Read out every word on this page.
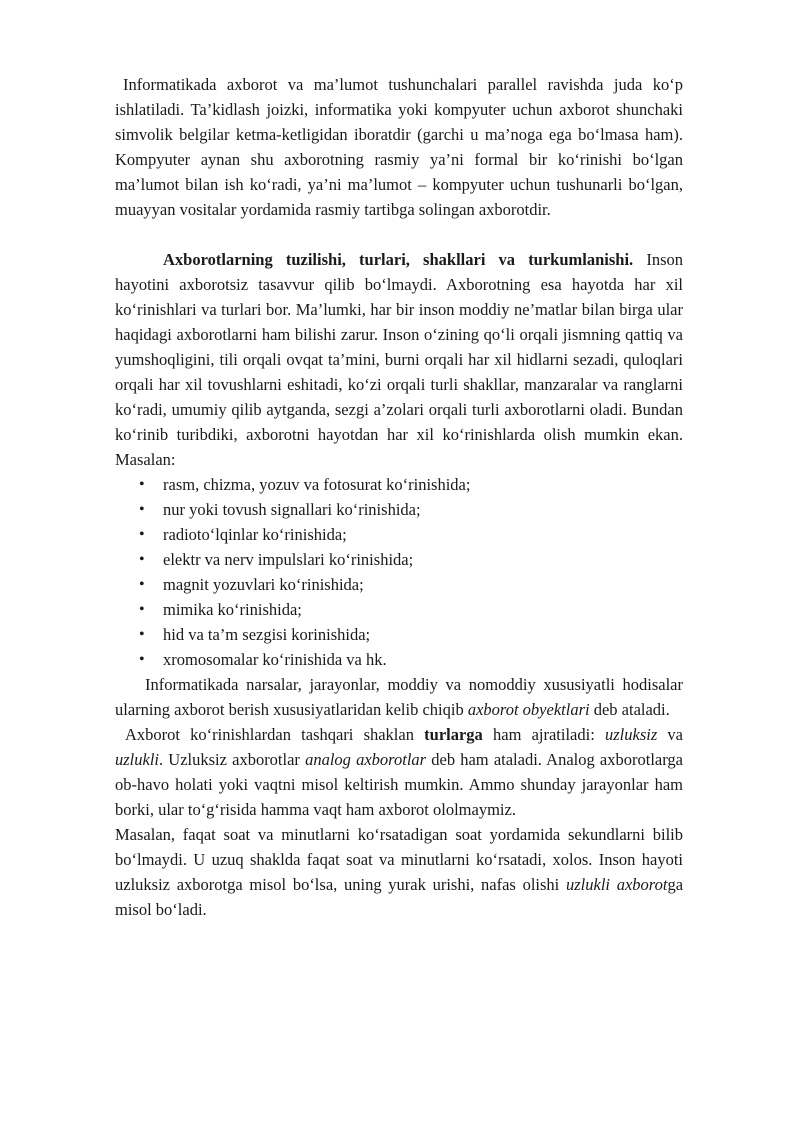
Informatikada axborot va ma’lumot tushunchalari parallel ravishda juda ko‘p ishlatiladi. Ta’kidlash joizki, informatika yoki kompyuter uchun axborot shunchaki simvolik belgilar ketma-ketligidan iboratdir (garchi u ma’noga ega bo‘lmasa ham). Kompyuter aynan shu axborotning rasmiy ya’ni formal bir ko‘rinishi bo‘lgan ma’lumot bilan ish ko‘radi, ya’ni ma’lumot – kompyuter uchun tushunarli bo‘lgan, muayyan vositalar yordamida rasmiy tartibga solingan axborotdir.

Axborotlarning tuzilishi, turlari, shakllari va turkumlanishi. Inson hayotini axborotsiz tasavvur qilib bo‘lmaydi. Axborotning esa hayotda har xil ko‘rinishlari va turlari bor. Ma’lumki, har bir inson moddiy ne’matlar bilan birga ular haqidagi axborotlarni ham bilishi zarur. Inson o‘zining qo‘li orqali jismning qattiq va yumshoqligini, tili orqali ovqat ta’mini, burni orqali har xil hidlarni sezadi, quloqlari orqali har xil tovushlarni eshitadi, ko‘zi orqali turli shakllar, manzaralar va ranglarni ko‘radi, umumiy qilib aytganda, sezgi a’zolari orqali turli axborotlarni oladi. Bundan ko‘rinib turibdiki, axborotni hayotdan har xil ko‘rinishlarda olish mumkin ekan. Masalan:

• rasm, chizma, yozuv va fotosurat ko‘rinishida;
• nur yoki tovush signallari ko‘rinishida;
• radioto‘lqinlar ko‘rinishida;
• elektr va nerv impulslari ko‘rinishida;
• magnit yozuvlari ko‘rinishida;
• mimika ko‘rinishida;
• hid va ta’m sezgisi korinishida;
• xromosomalar ko‘rinishida va hk.

Informatikada narsalar, jarayonlar, moddiy va nomoddiy xususiyatli hodisalar ularning axborot berish xususiyatlaridan kelib chiqib axborot obyektlari deb ataladi.

Axborot ko‘rinishlardan tashqari shaklan turlarga ham ajratiladi: uzluksiz va uzlukli. Uzluksiz axborotlar analog axborotlar deb ham ataladi. Analog axborotlarga ob-havo holati yoki vaqtni misol keltirish mumkin. Ammo shunday jarayonlar ham borki, ular to‘g‘risida hamma vaqt ham axborot ololmaymiz.

Masalan, faqat soat va minutlarni ko‘rsatadigan soat yordamida sekundlarni bilib bo‘lmaydi. U uzuq shaklda faqat soat va minutlarni ko‘rsatadi, xolos. Inson hayoti uzluksiz axborotga misol bo‘lsa, uning yurak urishi, nafas olishi uzlukli axborotga misol bo‘ladi.
